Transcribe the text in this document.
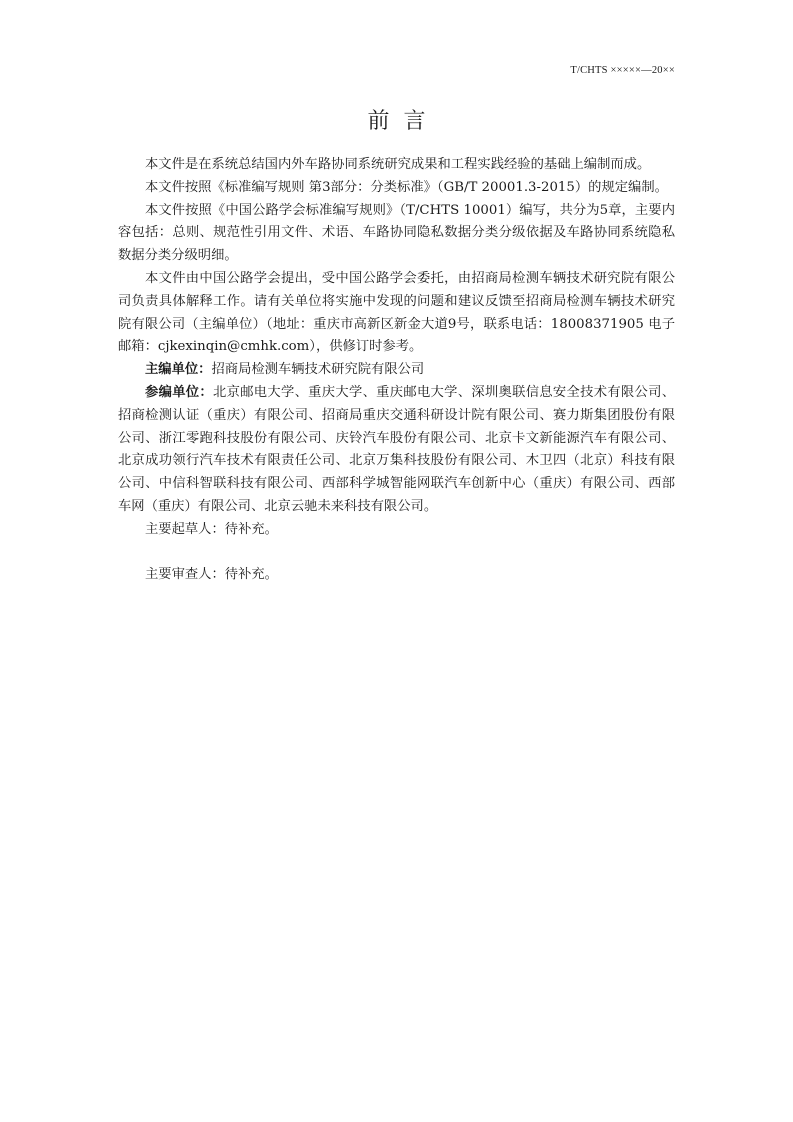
T/CHTS ×××××—20××
前言

本文件是在系统总结国内外车路协同系统研究成果和工程实践经验的基础上编制而成。

本文件按照《标准编写规则 第3部分：分类标准》（GB/T 20001.3-2015）的规定编制。

本文件按照《中国公路学会标准编写规则》（T/CHTS 10001）编写，共分为5章，主要内容包括：总则、规范性引用文件、术语、车路协同隐私数据分类分级依据及车路协同系统隐私数据分类分级明细。

本文件由中国公路学会提出，受中国公路学会委托，由招商局检测车辆技术研究院有限公司负责具体解释工作。请有关单位将实施中发现的问题和建议反馈至招商局检测车辆技术研究院有限公司（主编单位）（地址：重庆市高新区新金大道9号，联系电话：18008371905 电子邮箱：cjkexinqin@cmhk.com），供修订时参考。

主编单位：招商局检测车辆技术研究院有限公司

参编单位：北京邮电大学、重庆大学、重庆邮电大学、深圳奥联信息安全技术有限公司、招商检测认证（重庆）有限公司、招商局重庆交通科研设计院有限公司、赛力斯集团股份有限公司、浙江零跑科技股份有限公司、庆铃汽车股份有限公司、北京卡文新能源汽车有限公司、北京成功领行汽车技术有限责任公司、北京万集科技股份有限公司、木卫四（北京）科技有限公司、中信科智联科技有限公司、西部科学城智能网联汽车创新中心（重庆）有限公司、西部车网（重庆）有限公司、北京云驰未来科技有限公司。

主要起草人：待补充。

主要审查人：待补充。
